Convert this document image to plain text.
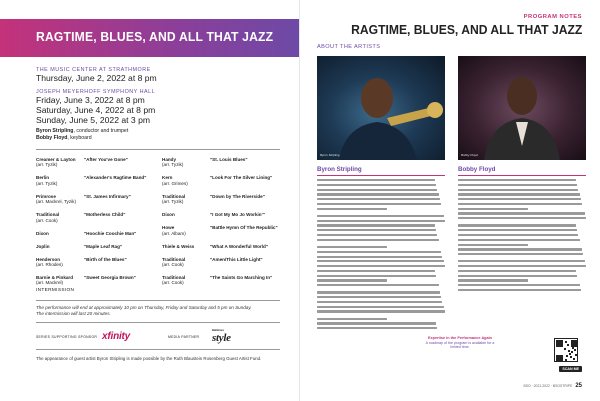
RAGTIME, BLUES, AND ALL THAT JAZZ
THE MUSIC CENTER AT STRATHMORE
Thursday, June 2, 2022 at 8 pm
JOSEPH MEYERHOFF SYMPHONY HALL
Friday, June 3, 2022 at 8 pm
Saturday, June 4, 2022 at 8 pm
Sunday, June 5, 2022 at 3 pm
Byron Stripling, conductor and trumpet
Bobby Floyd, keyboard
Creamer & Layton
(arr. Tyzik)
"After You've Gone"
Berlin
(arr. Tyzik)
"Alexander's Ragtime Band"
Primrose
(arr. Mackrel, Tyzik)
"St. James Infirmary"
Traditional
(arr. Cook)
"Motherless Child"
Dixon	"Hoochie Coochie Man"
Joplin	"Maple Leaf Rag"
Henderson
(arr. Rhodes)
"Birth of the Blues"
Barnie & Pinkard
(arr. Mackrel)
"Sweet Georgia Brown"
Handy
(arr. Tyzik)
"St. Louis Blues"
Kern
(arr. Grimes)
"Look For The Silver Lining"
Traditional
(arr. Tyzik)
"Down by The Riverside"
Dixon	"I Got My Mo Jo Workin'"
Howe
(arr. Albam)
"Battle Hymn Of The Republic"
Thiele & Weiss	"What A Wonderful World"
Traditional
(arr. Cook)
"Amen/This Little Light"
Traditional
(arr. Cook)
"The Saints Go Marching In"
INTERMISSION
The performance will end at approximately 10 pm on Thursday, Friday and Saturday and 5 pm on Sunday.
The intermission will last 20 minutes.
SERIES SUPPORTING SPONSOR xfinity	MEDIA PARTNER
Baltimore
style
The appearance of guest artist Byron Stripling is made possible by the Ruth Blaustein Rosenberg Guest Artist Fund.
PROGRAM NOTES
RAGTIME, BLUES, AND ALL THAT JAZZ
ABOUT THE ARTISTS
Byron Stripling	Bobby Floyd
Byron Stripling	Bobby Floyd
Expertise in the Performance Again
A roadmap of the program is available for a limited time.
SCAN ME
BSO · 2021-2022 · BSOSTRIPE 25
